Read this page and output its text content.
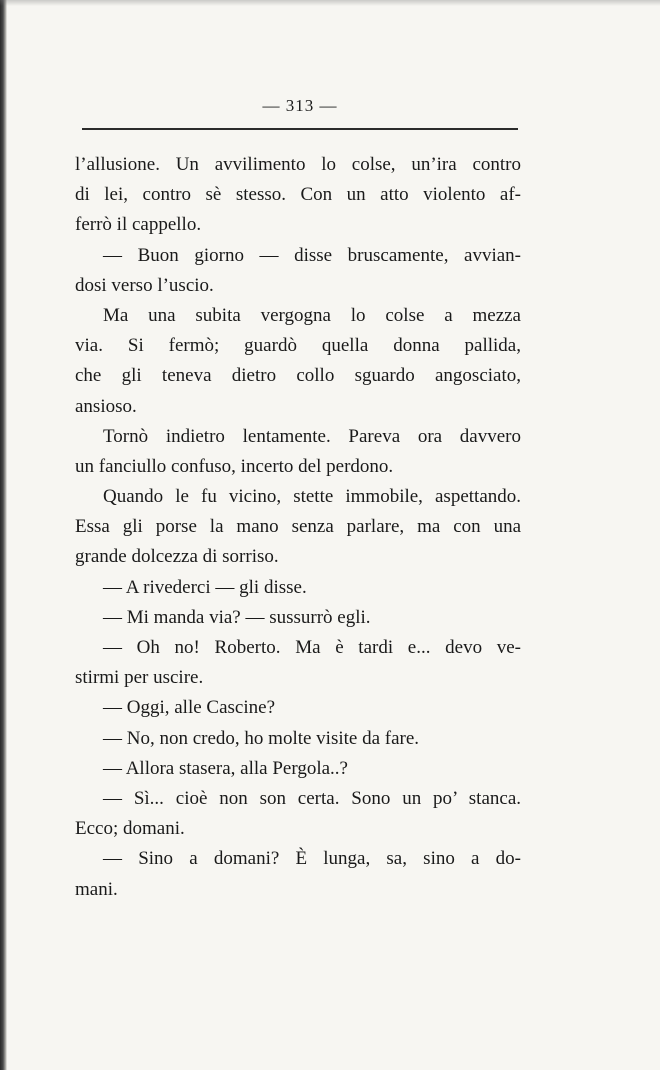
— 313 —
l’allusione. Un avvilimento lo colse, un’ira contro
di lei, contro sè stesso. Con un atto violento af-
ferrò il cappello.
— Buon giorno — disse bruscamente, avvian-
dosi verso l’uscio.
Ma una subita vergogna lo colse a mezza
via. Si fermò; guardò quella donna pallida,
che gli teneva dietro collo sguardo angosciato,
ansioso.
Tornò indietro lentamente. Pareva ora davvero
un fanciullo confuso, incerto del perdono.
Quando le fu vicino, stette immobile, aspettando.
Essa gli porse la mano senza parlare, ma con una
grande dolcezza di sorriso.
— A rivederci — gli disse.
— Mi manda via? — sussurrò egli.
— Oh no! Roberto. Ma è tardi e... devo ve-
stirmi per uscire.
— Oggi, alle Cascine?
— No, non credo, ho molte visite da fare.
— Allora stasera, alla Pergola..?
— Sì... cioè non son certa. Sono un po’ stanca.
Ecco; domani.
— Sino a domani? È lunga, sa, sino a do-
mani.
